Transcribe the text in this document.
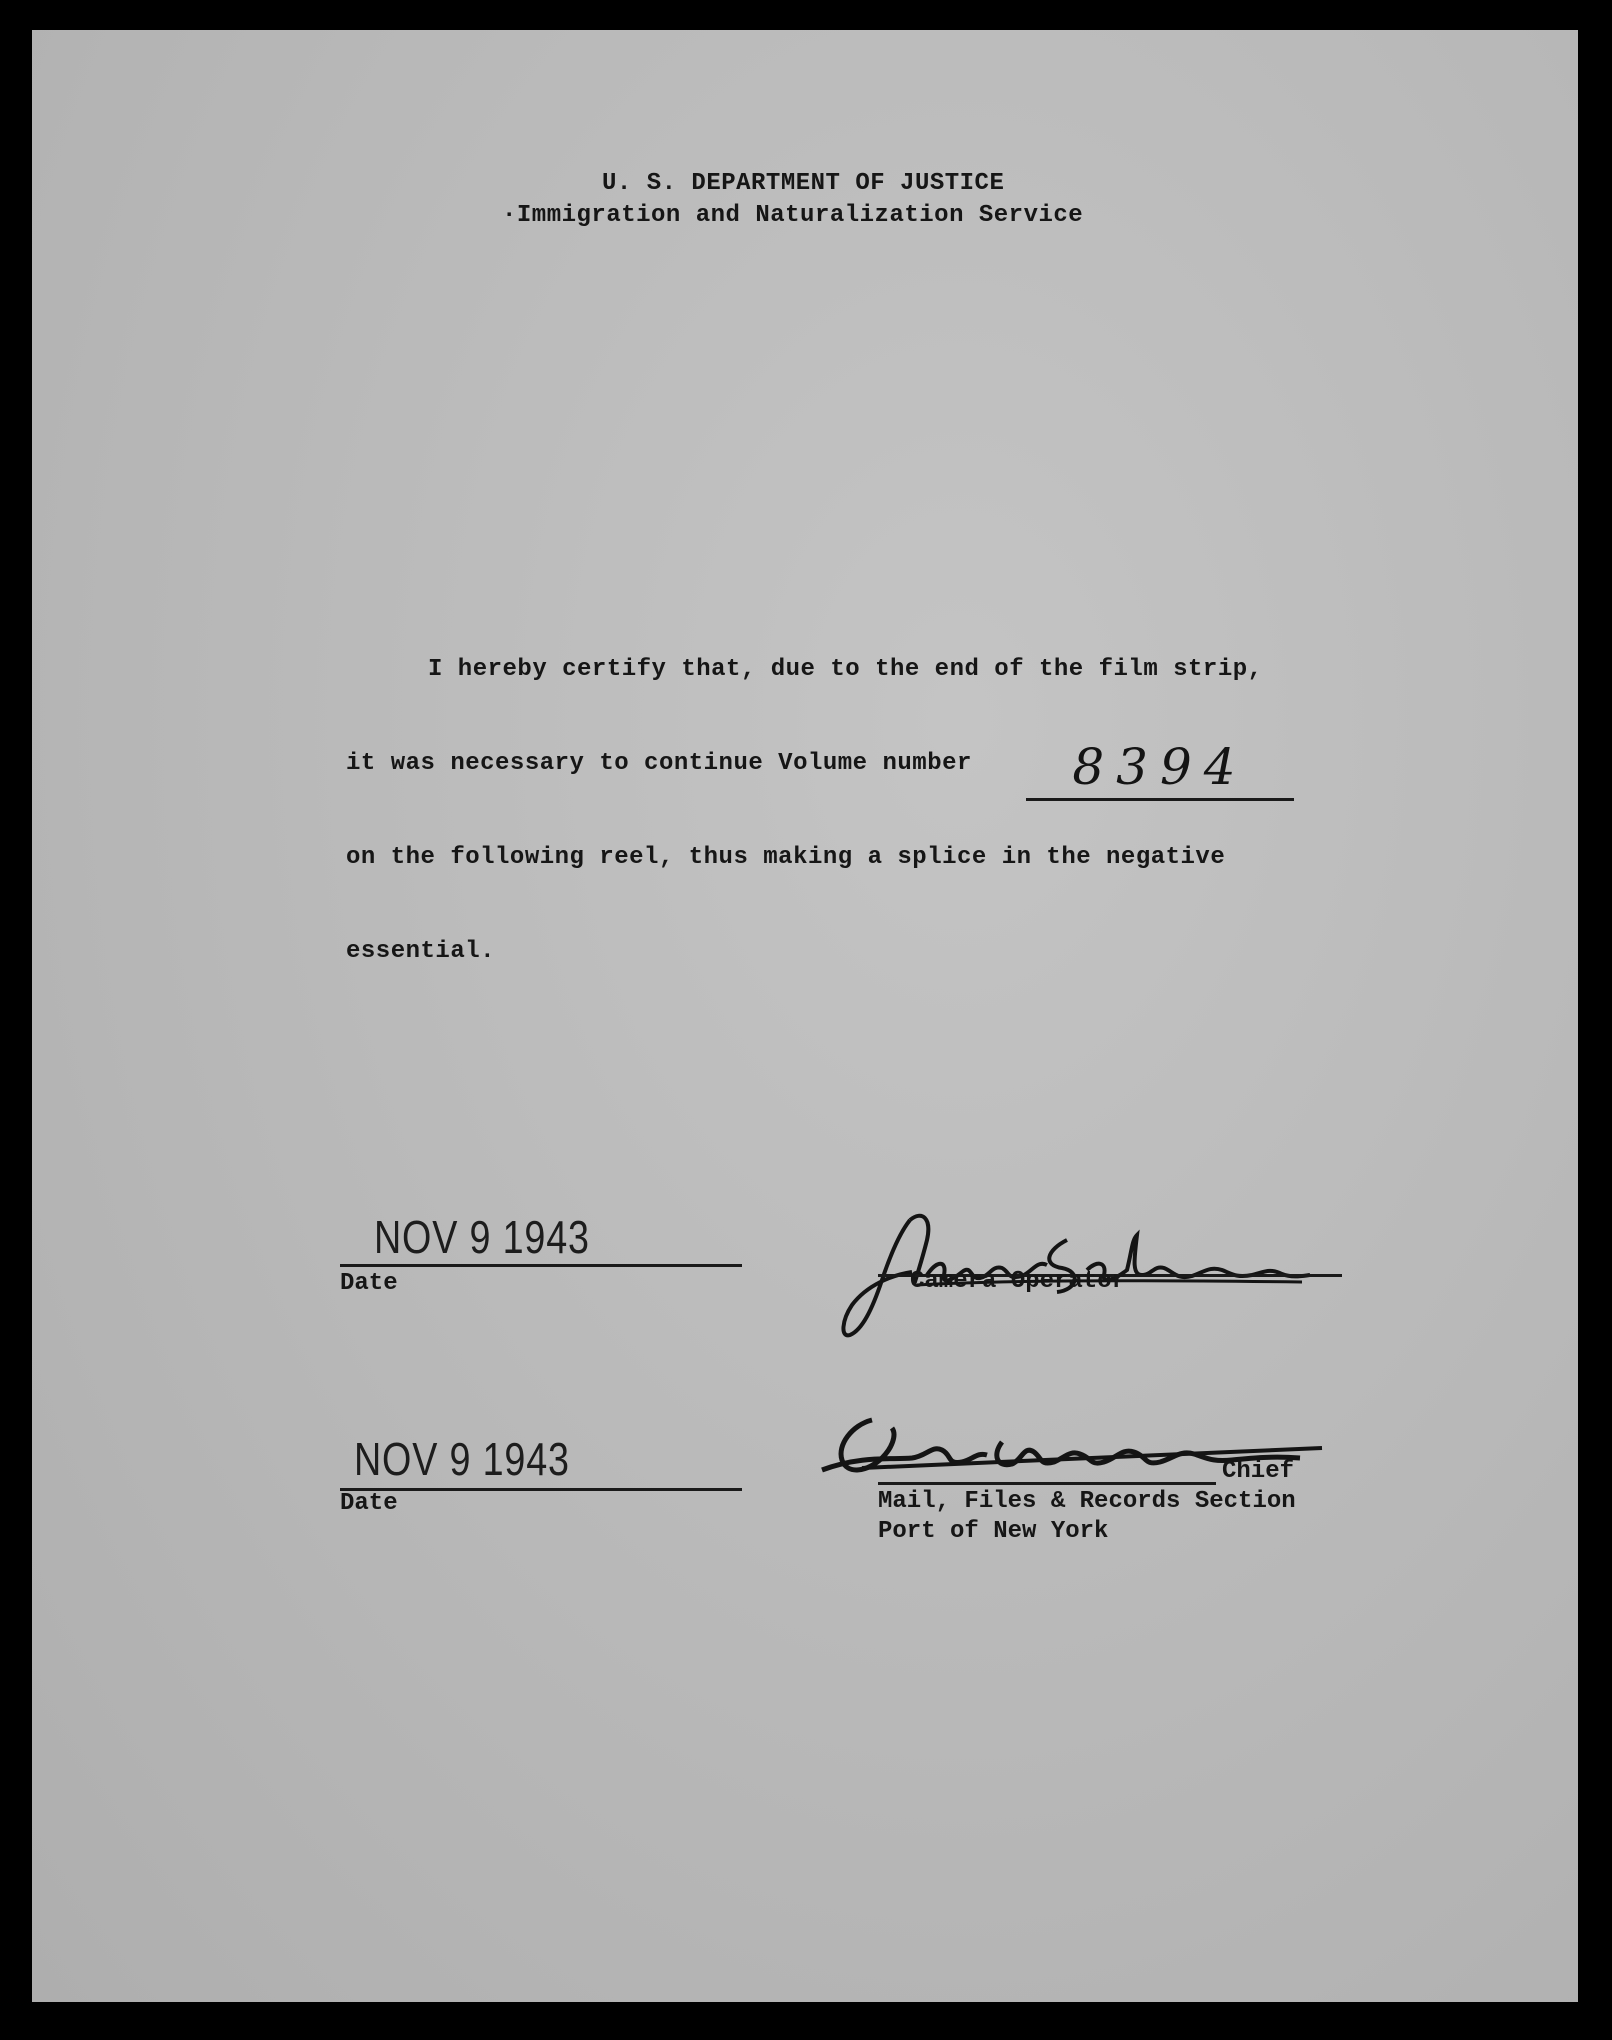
U. S. DEPARTMENT OF JUSTICE
·Immigration and Naturalization Service
I hereby certify that, due to the end of the film strip,
it was necessary to continue Volume number	8394
on the following reel, thus making a splice in the negative
essential.
NOV 9 1943
Date	Camera Operator
NOV 9 1943
Date
Chief
Mail, Files & Records Section
Port of New York
